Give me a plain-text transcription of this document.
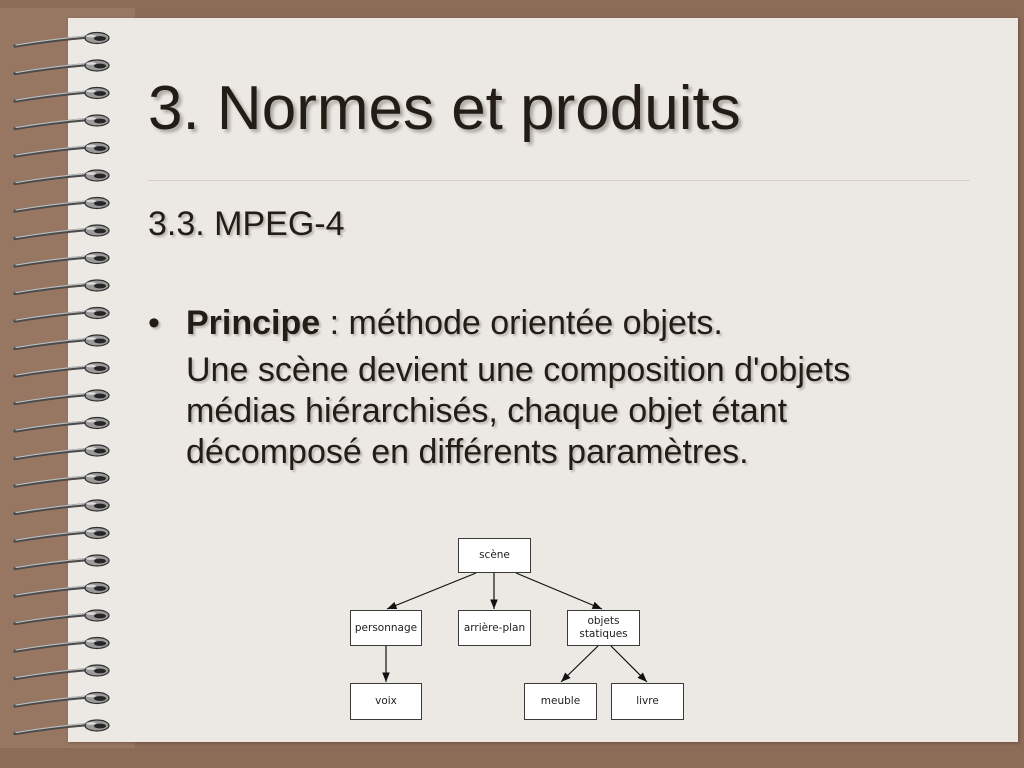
3. Normes et produits
3.3. MPEG-4
• Principe : méthode orientée objets.
Une scène devient une composition d'objets
médias hiérarchisés, chaque objet étant
décomposé en différents paramètres.
scène
personnage	arrière-plan
objets
statiques
voix	meuble	livre
